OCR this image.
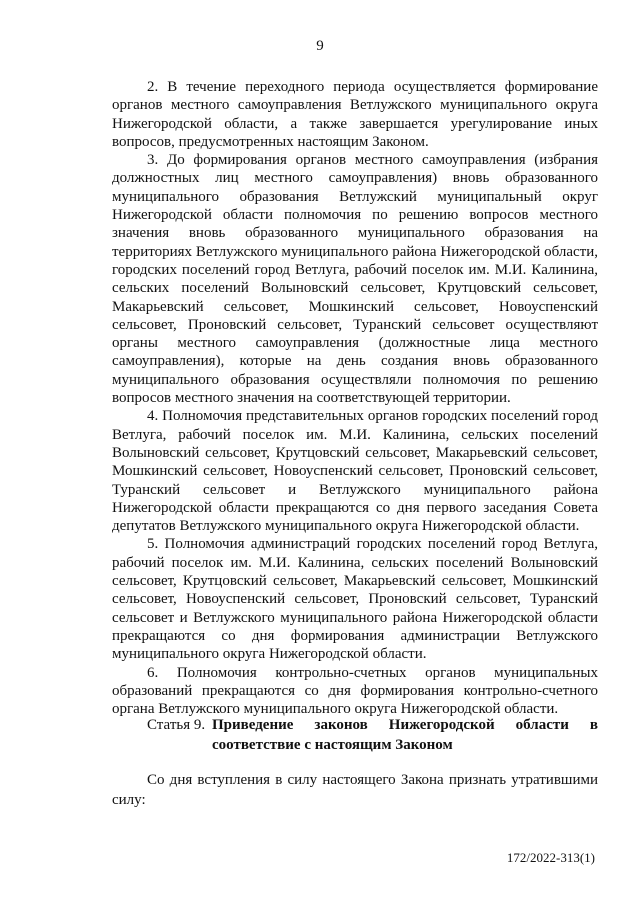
9

2. В течение переходного периода осуществляется формирование органов местного самоуправления Ветлужского муниципального округа Нижегородской области, а также завершается урегулирование иных вопросов, предусмотренных настоящим Законом.

3. До формирования органов местного самоуправления (избрания должностных лиц местного самоуправления) вновь образованного муниципального образования Ветлужский муниципальный округ Нижегородской области полномочия по решению вопросов местного значения вновь образованного муниципального образования на территориях Ветлужского муниципального района Нижегородской области, городских поселений город Ветлуга, рабочий поселок им. М.И. Калинина, сельских поселений Волыновский сельсовет, Крутцовский сельсовет, Макарьевский сельсовет, Мошкинский сельсовет, Новоуспенский сельсовет, Проновский сельсовет, Туранский сельсовет осуществляют органы местного самоуправления (должностные лица местного самоуправления), которые на день создания вновь образованного муниципального образования осуществляли полномочия по решению вопросов местного значения на соответствующей территории.

4. Полномочия представительных органов городских поселений город Ветлуга, рабочий поселок им. М.И. Калинина, сельских поселений Волыновский сельсовет, Крутцовский сельсовет, Макарьевский сельсовет, Мошкинский сельсовет, Новоуспенский сельсовет, Проновский сельсовет, Туранский сельсовет и Ветлужского муниципального района Нижегородской области прекращаются со дня первого заседания Совета депутатов Ветлужского муниципального округа Нижегородской области.

5. Полномочия администраций городских поселений город Ветлуга, рабочий поселок им. М.И. Калинина, сельских поселений Волыновский сельсовет, Крутцовский сельсовет, Макарьевский сельсовет, Мошкинский сельсовет, Новоуспенский сельсовет, Проновский сельсовет, Туранский сельсовет и Ветлужского муниципального района Нижегородской области прекращаются со дня формирования администрации Ветлужского муниципального округа Нижегородской области.

6. Полномочия контрольно-счетных органов муниципальных образований прекращаются со дня формирования контрольно-счетного органа Ветлужского муниципального округа Нижегородской области.

Статья 9. Приведение законов Нижегородской области в соответствие с настоящим Законом

Со дня вступления в силу настоящего Закона признать утратившими силу:

172/2022-313(1)
